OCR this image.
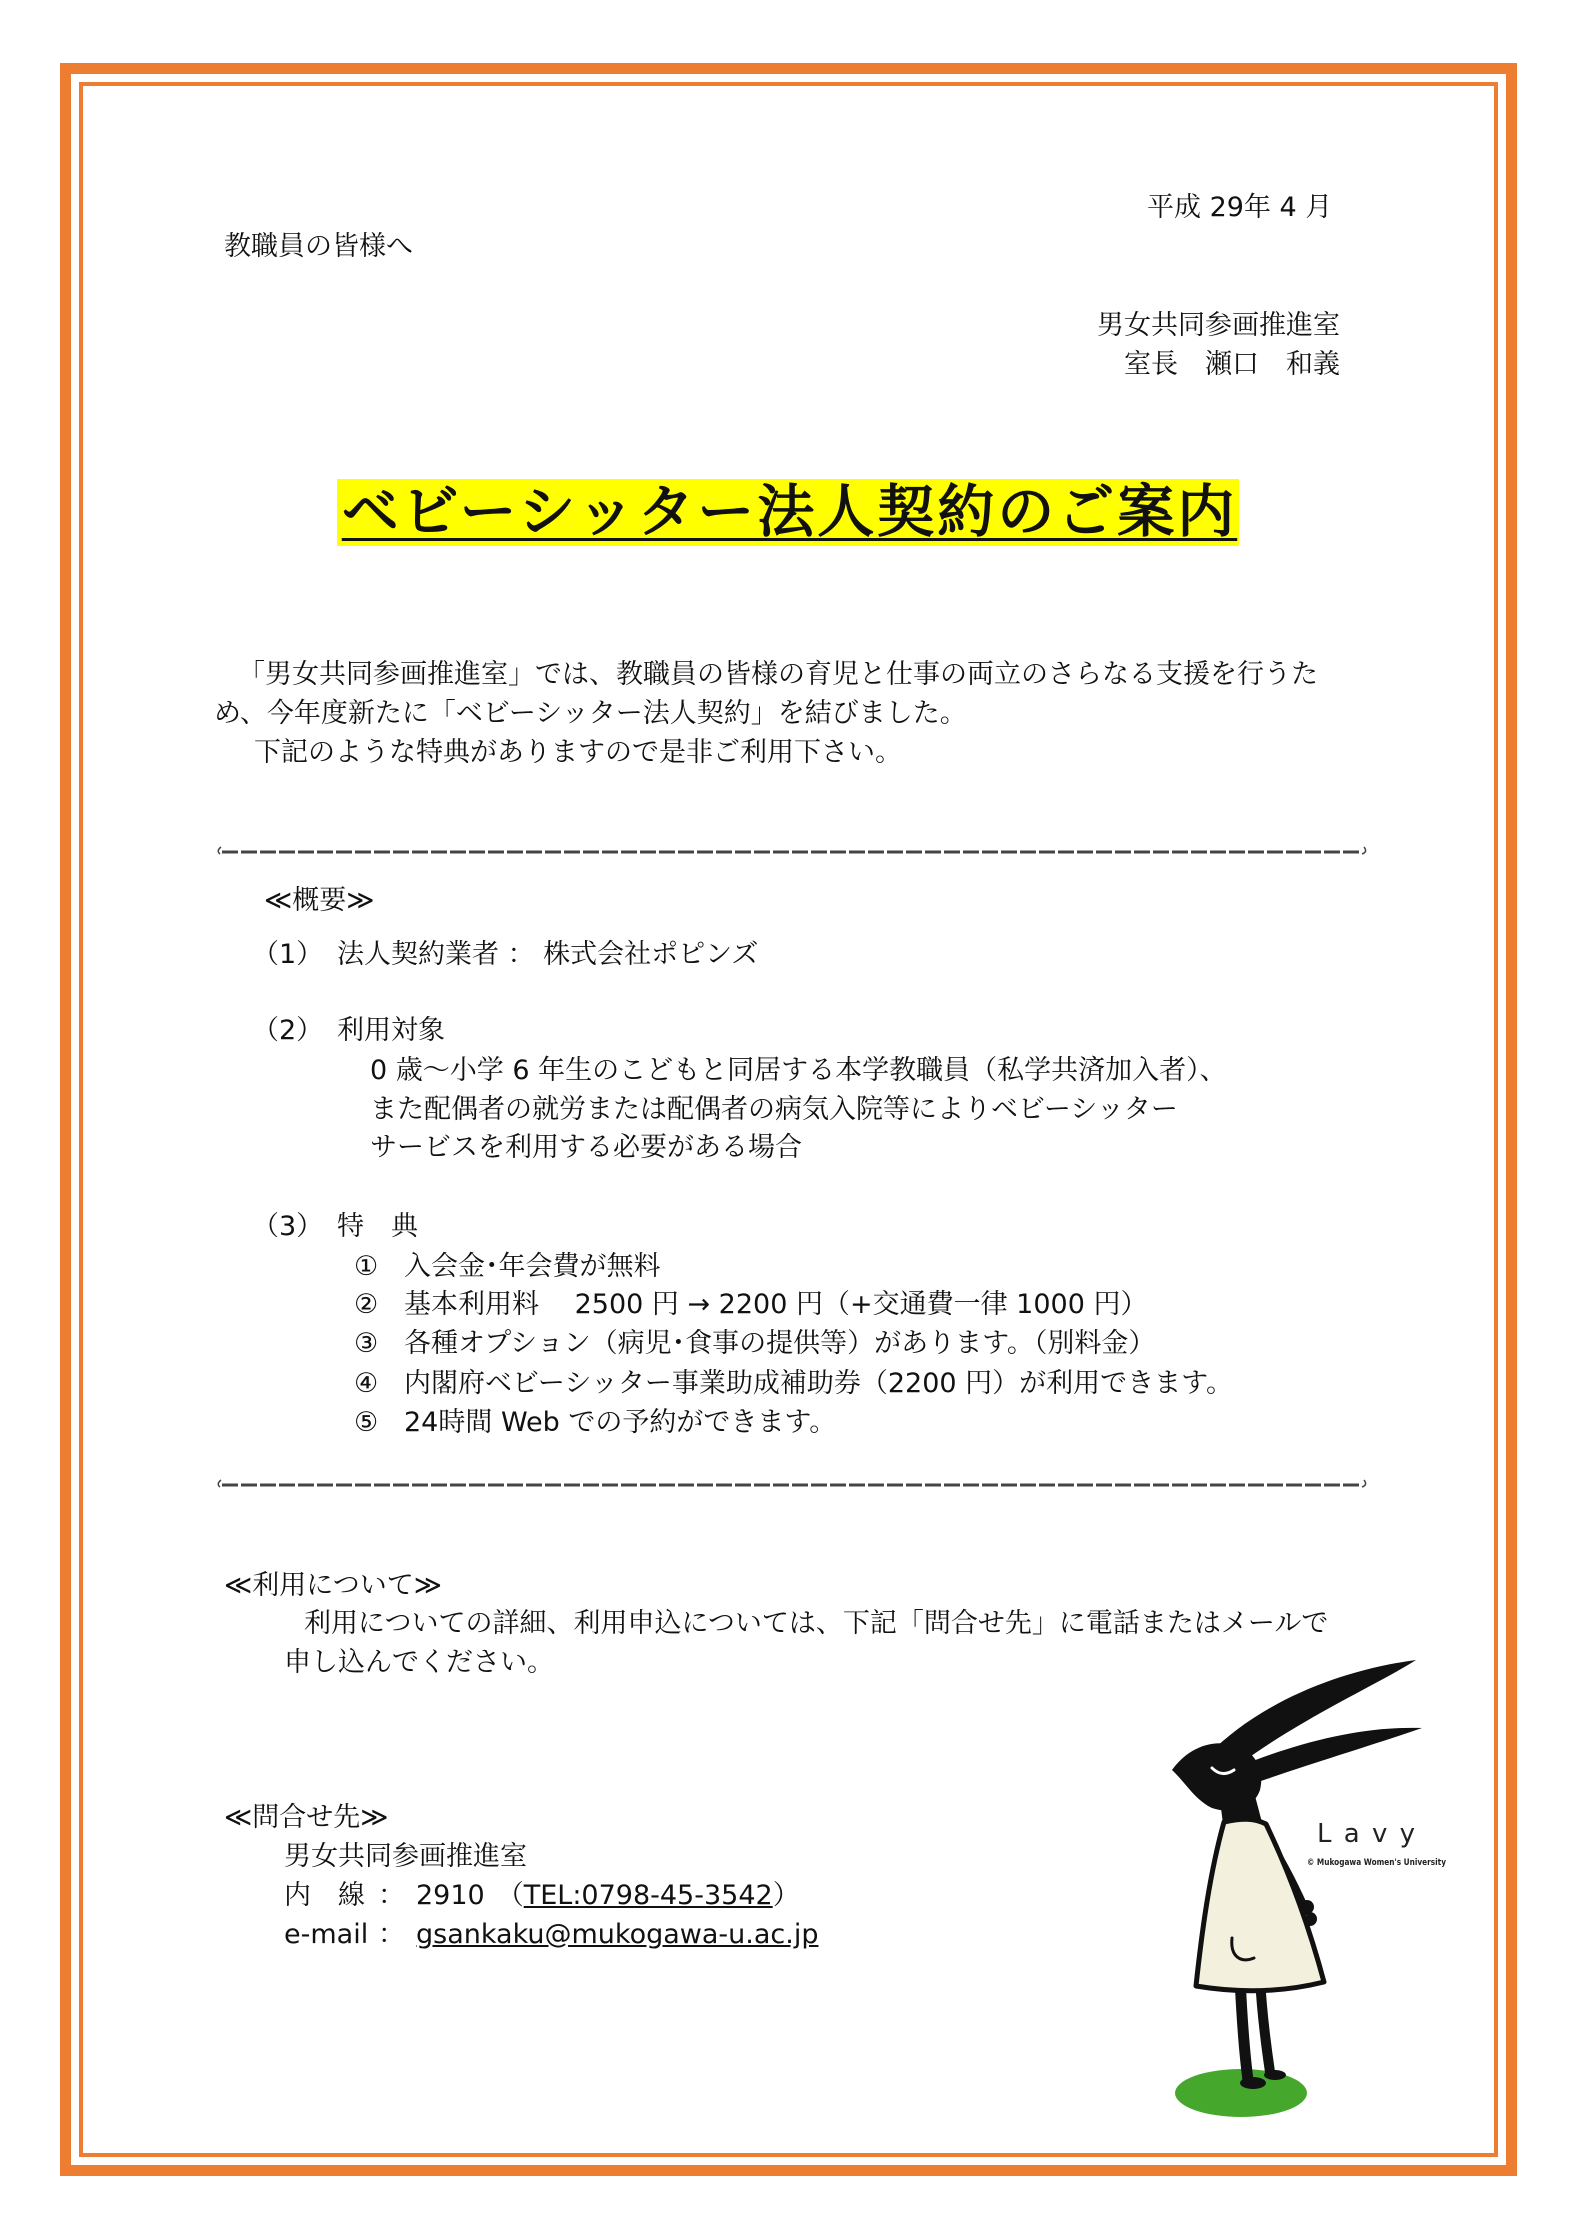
平成 29年 4 月
教職員の皆様へ
男女共同参画推進室
室長　瀬口　和義
ベビーシッター法人契約のご案内
「男女共同参画推進室」では、教職員の皆様の育児と仕事の両立のさらなる支援を行うた
め、今年度新たに「ベビーシッター法人契約」を結びました。
下記のような特典がありますので是非ご利用下さい。
≪概要≫
（1） 法人契約業者 ： 株式会社ポピンズ
（2） 利用対象
0 歳～小学 6 年生のこどもと同居する本学教職員（私学共済加入者）、
また配偶者の就労または配偶者の病気入院等によりベビーシッター
サービスを利用する必要がある場合
（3） 特　典
① 入会金･年会費が無料
② 基本利用料　 2500 円 → 2200 円（+交通費一律 1000 円）
③ 各種オプション（病児･食事の提供等）があります。（別料金）
④ 内閣府ベビーシッター事業助成補助券（2200 円）が利用できます。
⑤ 24時間 Web での予約ができます。
≪利用について≫
利用についての詳細、利用申込については、下記「問合せ先」に電話またはメールで
申し込んでください。
≪問合せ先≫
男女共同参画推進室
内　線 ： 2910 （TEL:0798-45-3542）
e-mail ： gsankaku@mukogawa-u.ac.jp
Lavy
© Mukogawa Women's University
